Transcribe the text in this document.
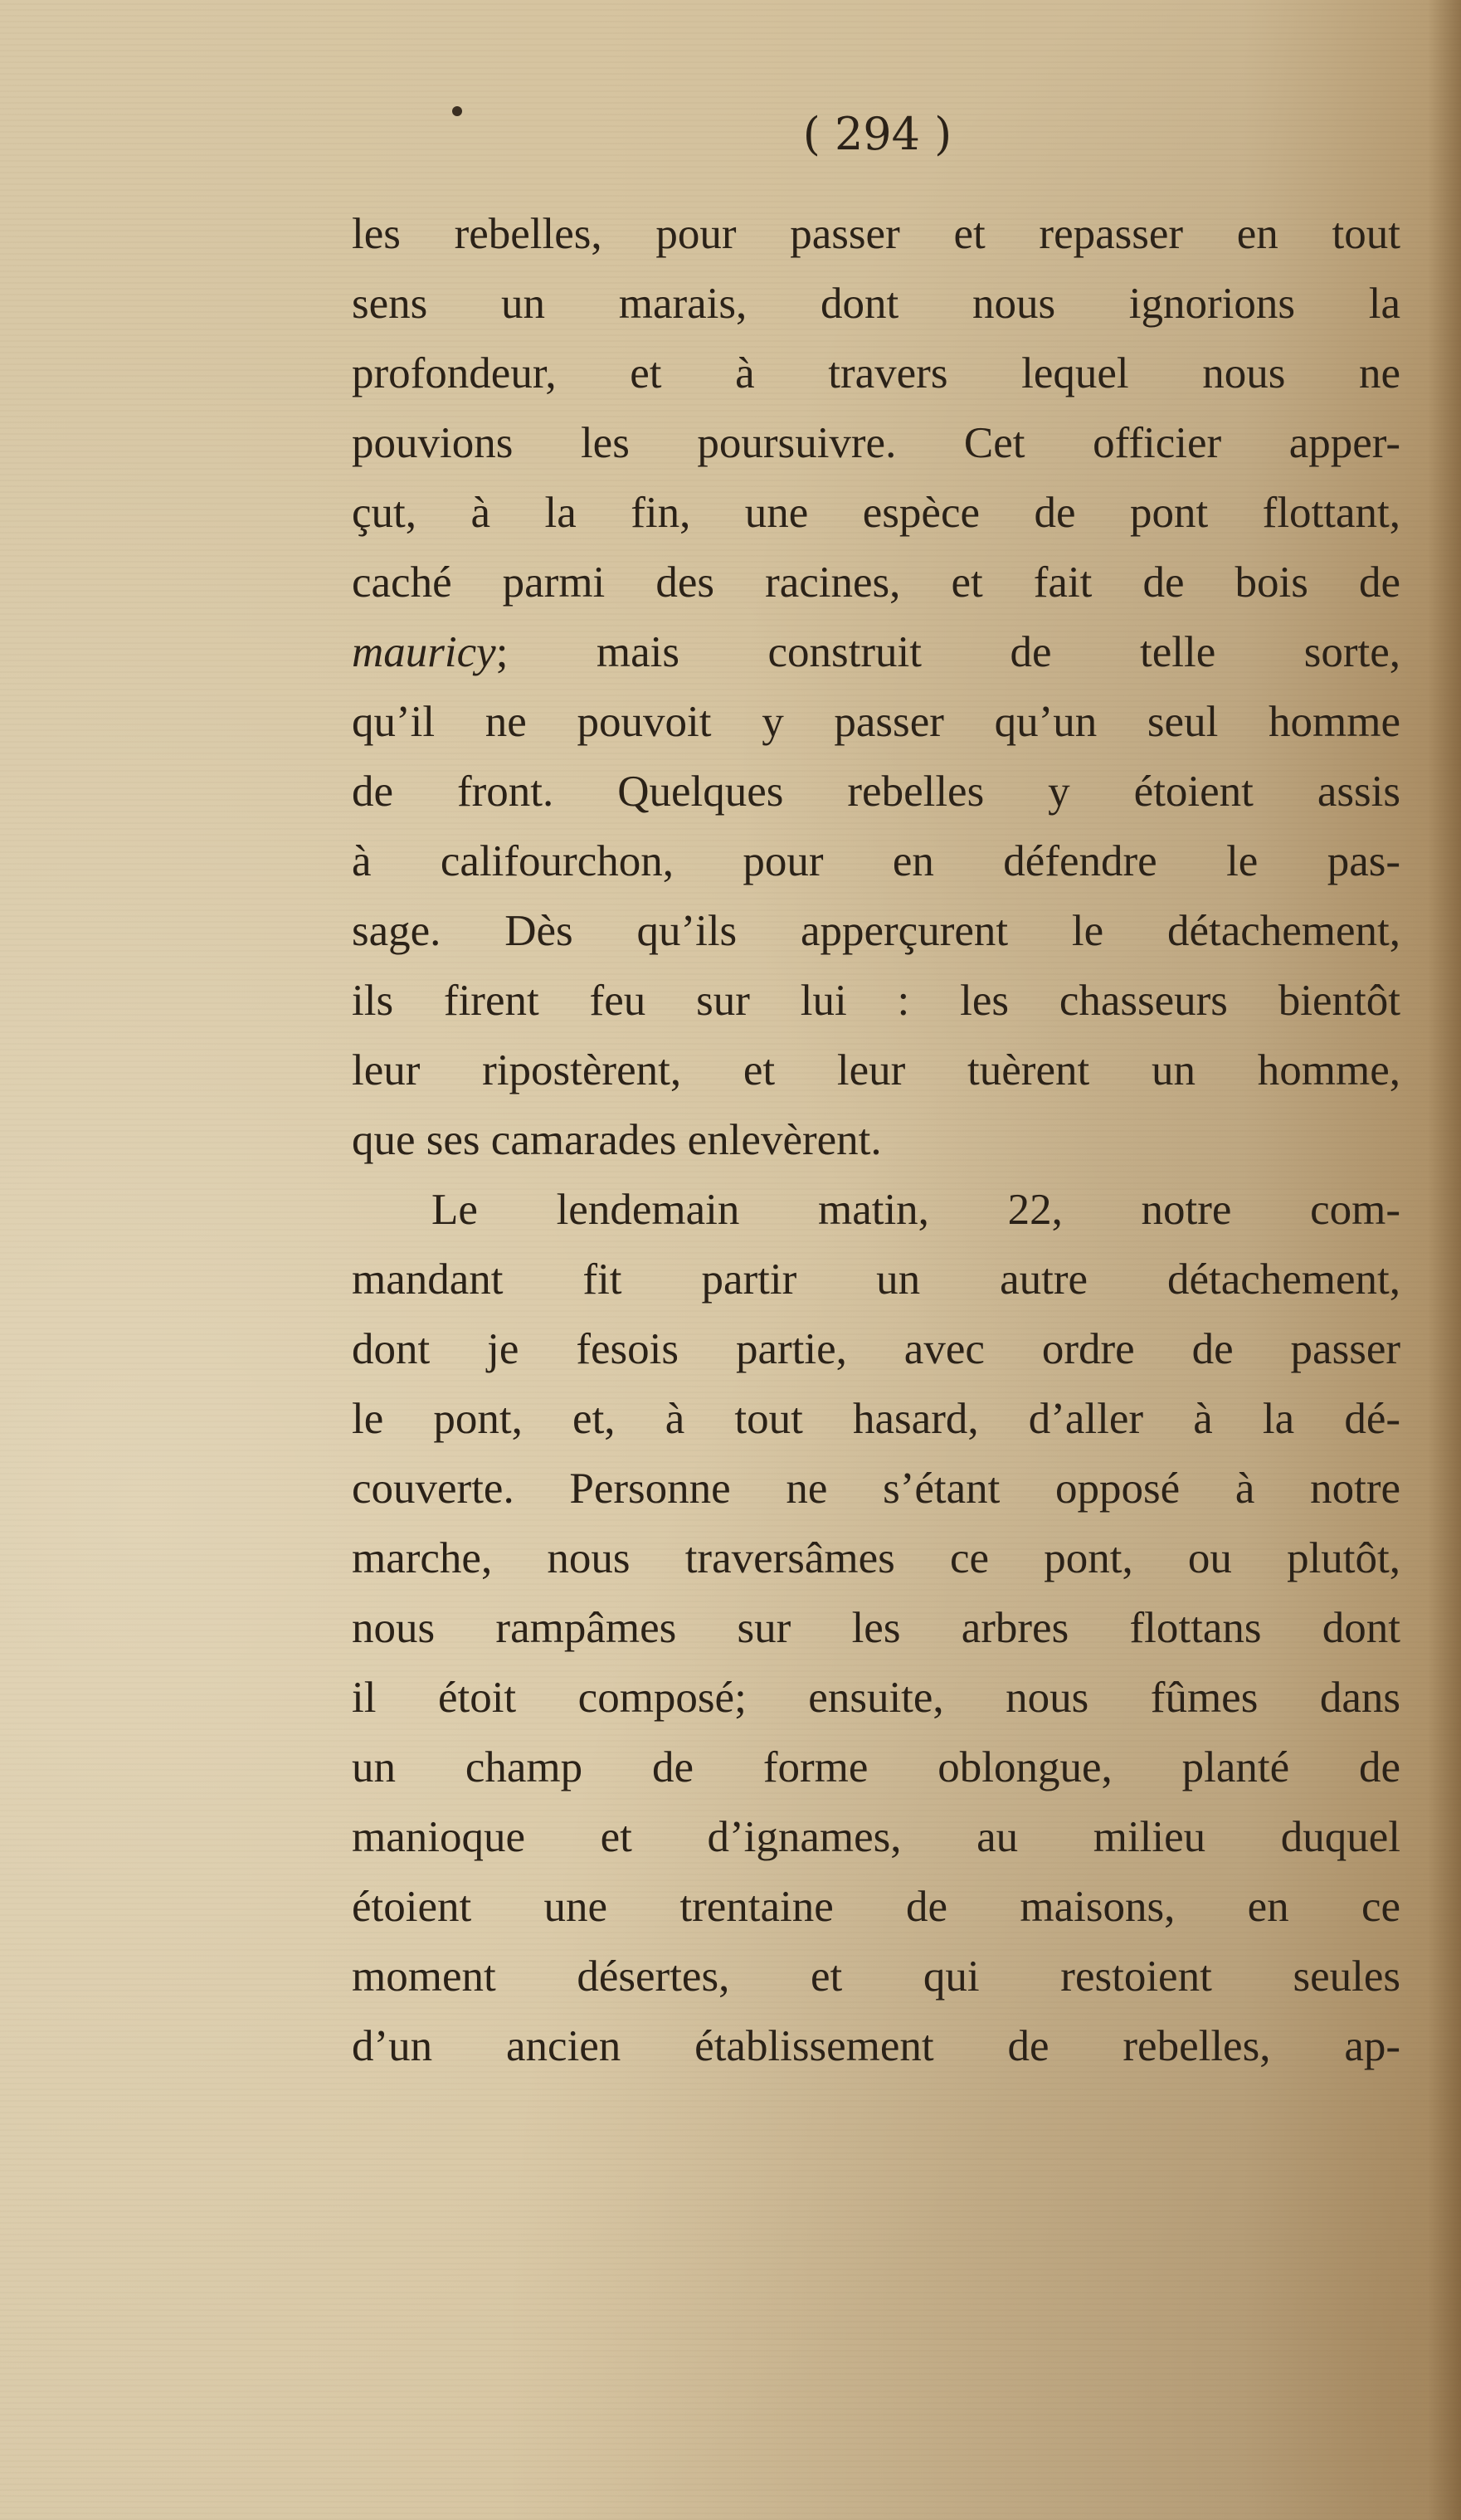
( 294 )
les rebelles, pour passer et repasser en tout
sens un marais, dont nous ignorions la
profondeur, et à travers lequel nous ne
pouvions les poursuivre. Cet officier apper-
çut, à la fin, une espèce de pont flottant,
caché parmi des racines, et fait de bois de
mauricy; mais construit de telle sorte,
qu’il ne pouvoit y passer qu’un seul homme
de front. Quelques rebelles y étoient assis
à califourchon, pour en défendre le pas-
sage. Dès qu’ils apperçurent le détachement,
ils firent feu sur lui : les chasseurs bientôt
leur ripostèrent, et leur tuèrent un homme,
que ses camarades enlevèrent.
Le lendemain matin, 22, notre com-
mandant fit partir un autre détachement,
dont je fesois partie, avec ordre de passer
le pont, et, à tout hasard, d’aller à la dé-
couverte. Personne ne s’étant opposé à notre
marche, nous traversâmes ce pont, ou plutôt,
nous rampâmes sur les arbres flottans dont
il étoit composé; ensuite, nous fûmes dans
un champ de forme oblongue, planté de
manioque et d’ignames, au milieu duquel
étoient une trentaine de maisons, en ce
moment désertes, et qui restoient seules
d’un ancien établissement de rebelles, ap-
